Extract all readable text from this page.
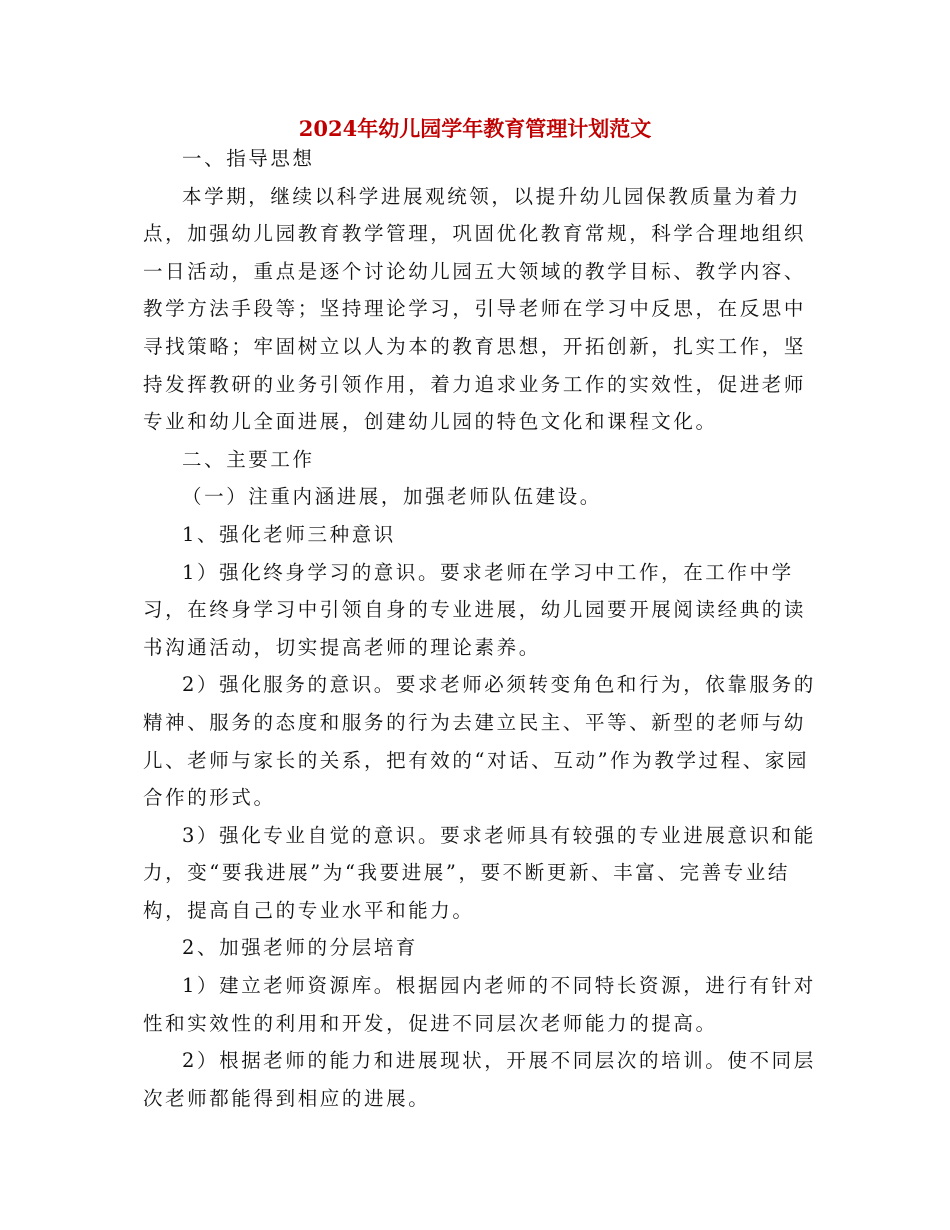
2024年幼儿园学年教育管理计划范文

一、指导思想

本学期，继续以科学进展观统领，以提升幼儿园保教质量为着力点，加强幼儿园教育教学管理，巩固优化教育常规，科学合理地组织一日活动，重点是逐个讨论幼儿园五大领域的教学目标、教学内容、教学方法手段等；坚持理论学习，引导老师在学习中反思，在反思中寻找策略；牢固树立以人为本的教育思想，开拓创新，扎实工作，坚持发挥教研的业务引领作用，着力追求业务工作的实效性，促进老师专业和幼儿全面进展，创建幼儿园的特色文化和课程文化。

二、主要工作

（一）注重内涵进展，加强老师队伍建设。

1、强化老师三种意识

1）强化终身学习的意识。要求老师在学习中工作，在工作中学习，在终身学习中引领自身的专业进展，幼儿园要开展阅读经典的读书沟通活动，切实提高老师的理论素养。

2）强化服务的意识。要求老师必须转变角色和行为，依靠服务的精神、服务的态度和服务的行为去建立民主、平等、新型的老师与幼儿、老师与家长的关系，把有效的“对话、互动”作为教学过程、家园合作的形式。

3）强化专业自觉的意识。要求老师具有较强的专业进展意识和能力，变“要我进展”为“我要进展”，要不断更新、丰富、完善专业结构，提高自己的专业水平和能力。

2、加强老师的分层培育

1）建立老师资源库。根据园内老师的不同特长资源，进行有针对性和实效性的利用和开发，促进不同层次老师能力的提高。

2）根据老师的能力和进展现状，开展不同层次的培训。使不同层次老师都能得到相应的进展。
